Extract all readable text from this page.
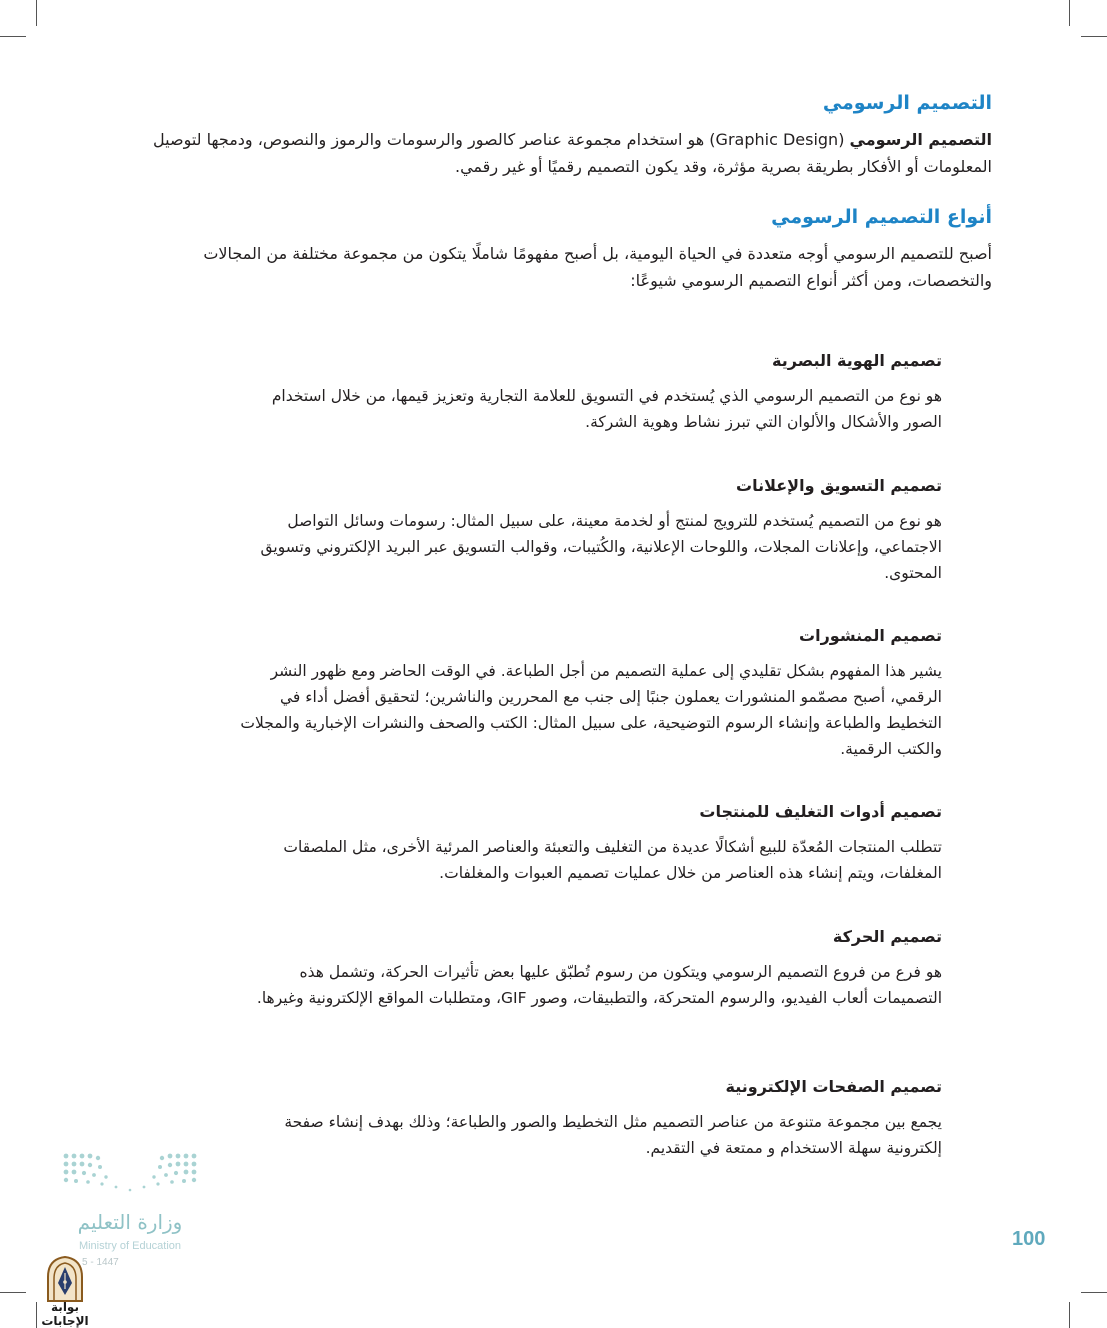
التصميم الرسومي

التصميم الرسومي (Graphic Design) هو استخدام مجموعة عناصر كالصور والرسومات والرموز والنصوص، ودمجها لتوصيل المعلومات أو الأفكار بطريقة بصرية مؤثرة، وقد يكون التصميم رقميًا أو غير رقمي.

أنواع التصميم الرسومي

أصبح للتصميم الرسومي أوجه متعددة في الحياة اليومية، بل أصبح مفهومًا شاملًا يتكون من مجموعة مختلفة من المجالات والتخصصات، ومن أكثر أنواع التصميم الرسومي شيوعًا:

تصميم الهوية البصرية

هو نوع من التصميم الرسومي الذي يُستخدم في التسويق للعلامة التجارية وتعزيز قيمها، من خلال استخدام الصور والأشكال والألوان التي تبرز نشاط وهوية الشركة.

تصميم التسويق والإعلانات

هو نوع من التصميم يُستخدم للترويج لمنتج أو لخدمة معينة، على سبيل المثال: رسومات وسائل التواصل الاجتماعي، وإعلانات المجلات، واللوحات الإعلانية، والكُتيبات، وقوالب التسويق عبر البريد الإلكتروني وتسويق المحتوى.

تصميم المنشورات

يشير هذا المفهوم بشكل تقليدي إلى عملية التصميم من أجل الطباعة. في الوقت الحاضر ومع ظهور النشر الرقمي، أصبح مصمّمو المنشورات يعملون جنبًا إلى جنب مع المحررين والناشرين؛ لتحقيق أفضل أداء في التخطيط والطباعة وإنشاء الرسوم التوضيحية، على سبيل المثال: الكتب والصحف والنشرات الإخبارية والمجلات والكتب الرقمية.

تصميم أدوات التغليف للمنتجات

تتطلب المنتجات المُعدّة للبيع أشكالًا عديدة من التغليف والتعبئة والعناصر المرئية الأخرى، مثل الملصقات المغلفات، ويتم إنشاء هذه العناصر من خلال عمليات تصميم العبوات والمغلفات.

تصميم الحركة

هو فرع من فروع التصميم الرسومي ويتكون من رسوم تُطبّق عليها بعض تأثيرات الحركة، وتشمل هذه التصميمات ألعاب الفيديو، والرسوم المتحركة، والتطبيقات، وصور GIF، ومتطلبات المواقع الإلكترونية وغيرها.

تصميم الصفحات الإلكترونية

يجمع بين مجموعة متنوعة من عناصر التصميم مثل التخطيط والصور والطباعة؛ وذلك بهدف إنشاء صفحة إلكترونية سهلة الاستخدام و ممتعة في التقديم.

وزارة التعليم
Ministry of Education
5 - 1447
100
بوابة الإجابات
